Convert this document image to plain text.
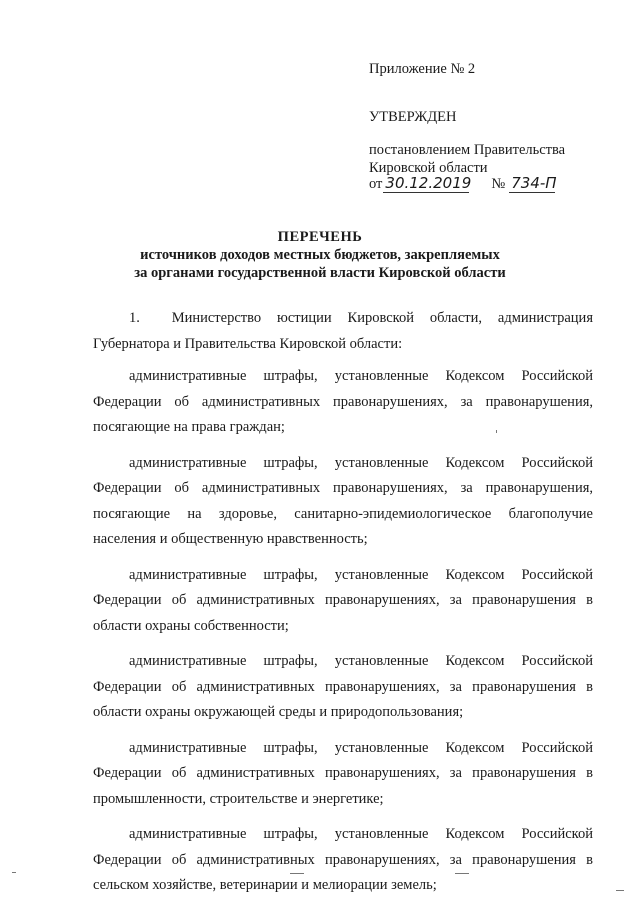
Приложение № 2
УТВЕРЖДЕН
постановлением Правительства
Кировской области
от 30.12.2019 № 734-П
ПЕРЕЧЕНЬ
источников доходов местных бюджетов, закрепляемых
за органами государственной власти Кировской области

1.  Министерство юстиции Кировской области, администрация Губернатора и Правительства Кировской области:

административные штрафы, установленные Кодексом Российской Федерации об административных правонарушениях, за правонарушения, посягающие на права граждан;

административные штрафы, установленные Кодексом Российской Федерации об административных правонарушениях, за правонарушения, посягающие на здоровье, санитарно-эпидемиологическое благополучие населения и общественную нравственность;

административные штрафы, установленные Кодексом Российской Федерации об административных правонарушениях, за правонарушения в области охраны собственности;

административные штрафы, установленные Кодексом Российской Федерации об административных правонарушениях, за правонарушения в области охраны окружающей среды и природопользования;

административные штрафы, установленные Кодексом Российской Федерации об административных правонарушениях, за правонарушения в промышленности, строительстве и энергетике;

административные штрафы, установленные Кодексом Российской Федерации об административных правонарушениях, за правонарушения в сельском хозяйстве, ветеринарии и мелиорации земель;
